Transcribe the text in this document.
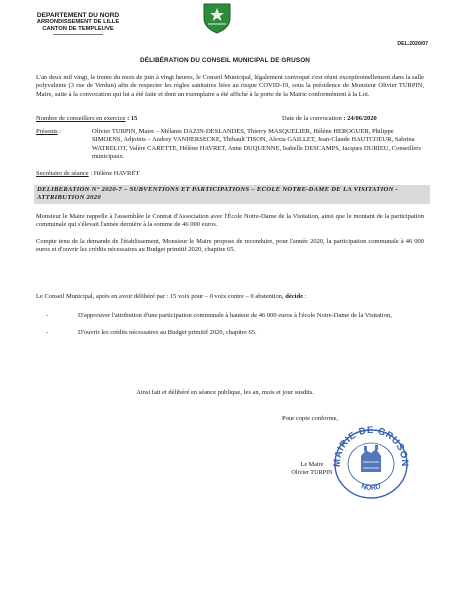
DEPARTEMENT DU NORD
ARRONDISSEMENT DE LILLE
CANTON DE TEMPLEUVE
DEL.2020/07
DÉLIBÉRATION DU CONSEIL MUNICIPAL DE GRUSON
L'an deux mil vingt, le trente du mois de juin à vingt heures, le Conseil Municipal, légalement convoqué s'est réuni exceptionnellement dans la salle polyvalente (3 rue de Verdun) afin de respecter les règles sanitaires liées au risque COVID-19, sous la présidence de Monsieur Olivier TURPIN, Maire, suite à la convocation qui lui a été faite et dont un exemplaire a été affiché à la porte de la Mairie conformément à la Loi.
Nombre de conseillers en exercice : 15	Date de la convocation : 24/06/2020
Présents :	Olivier TURPIN, Maire – Mélanie DAZIN-DESLANDES, Thierry MASQUELIER, Hélène HEROGUER, Philippe SIMOENS, Adjoints – Audrey VANHERSECKE, Thibault TISON, Alexia GAILLET, Jean-Claude HAUTCOEUR, Sabrina WATRELOT, Valère CARETTE, Hélène HAVRET, Anne DUQUENNE, Isabelle DESCAMPS, Jacques DURIEU, Conseillers municipaux.
Secrétaire de séance : Hélène HAVRET
DELIBERATION N° 2020-7 – SUBVENTIONS ET PARTICIPATIONS – ECOLE NOTRE-DAME DE LA VISITATION - ATTRIBUTION 2020
Monsieur le Maire rappelle à l'assemblée le Contrat d'Association avec l'École Notre-Dame de la Visitation, ainsi que le montant de la participation communale qui s'élevait l'année dernière à la somme de 46 000 euros.
Compte tenu de la demande de l'établissement, Monsieur le Maire propose de reconduire, pour l'année 2020, la participation communale à 46 000 euros et d'ouvrir les crédits nécessaires au Budget primitif 2020, chapitre 65.
Le Conseil Municipal, après en avoir délibéré par : 15 voix pour – 0 voix contre – 0 abstention, décide :
-	D'approuver l'attribution d'une participation communale à hauteur de 46 000 euros à l'école Notre-Dame de la Visitation,
-	D'ouvrir les crédits nécessaires au Budget primitif 2020, chapitre 65.
Ainsi fait et délibéré en séance publique, les an, mois et jour susdits.
Pour copie conforme,
MAIRIE DE GRUSON
NORD
Le Maire
Olivier TURPIN
